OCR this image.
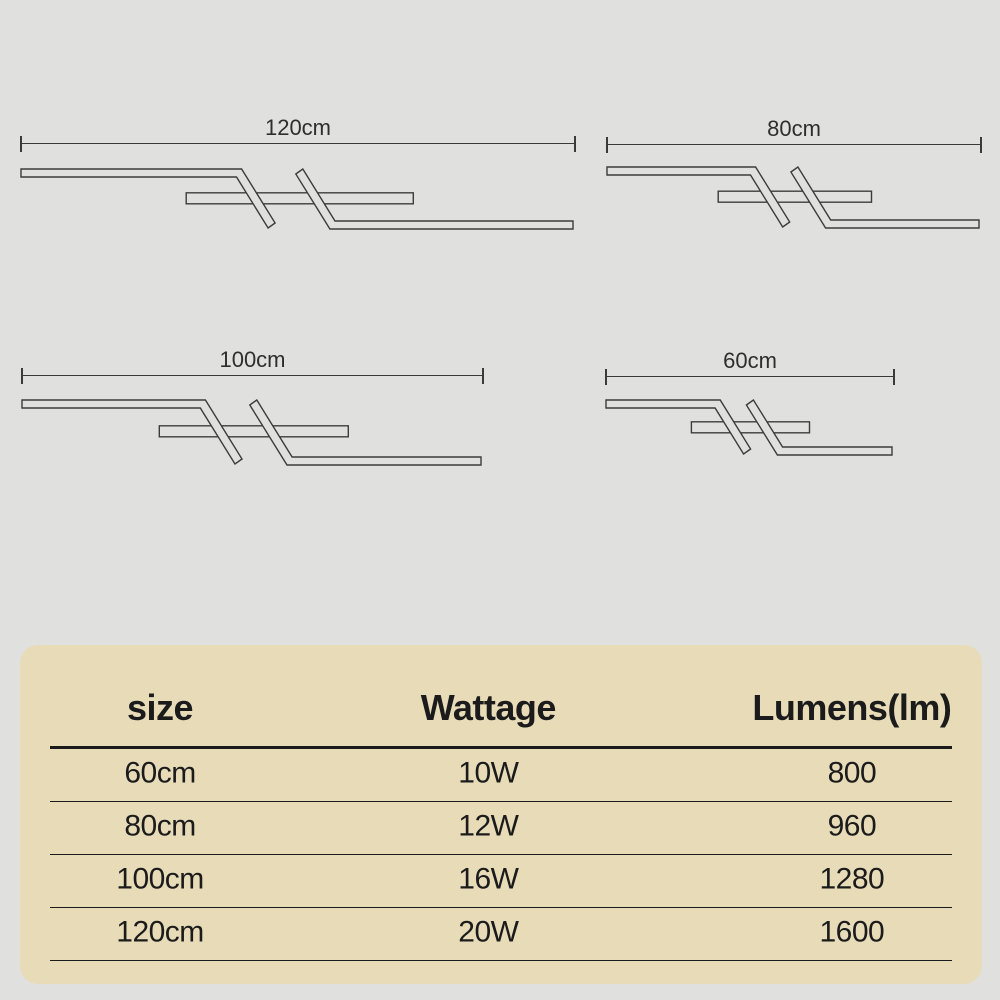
120cm	80cm
100cm	60cm
size	Wattage	Lumens(lm)
60cm	10W	800
80cm	12W	960
100cm	16W	1280
120cm	20W	1600
